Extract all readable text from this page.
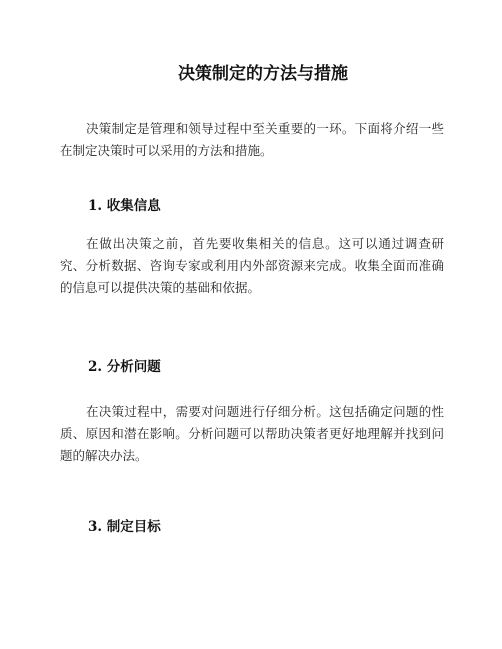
决策制定的方法与措施

决策制定是管理和领导过程中至关重要的一环。下面将介绍一些在制定决策时可以采用的方法和措施。

1. 收集信息

在做出决策之前，首先要收集相关的信息。这可以通过调查研究、分析数据、咨询专家或利用内外部资源来完成。收集全面而准确的信息可以提供决策的基础和依据。

2. 分析问题

在决策过程中，需要对问题进行仔细分析。这包括确定问题的性质、原因和潜在影响。分析问题可以帮助决策者更好地理解并找到问题的解决办法。

3. 制定目标
